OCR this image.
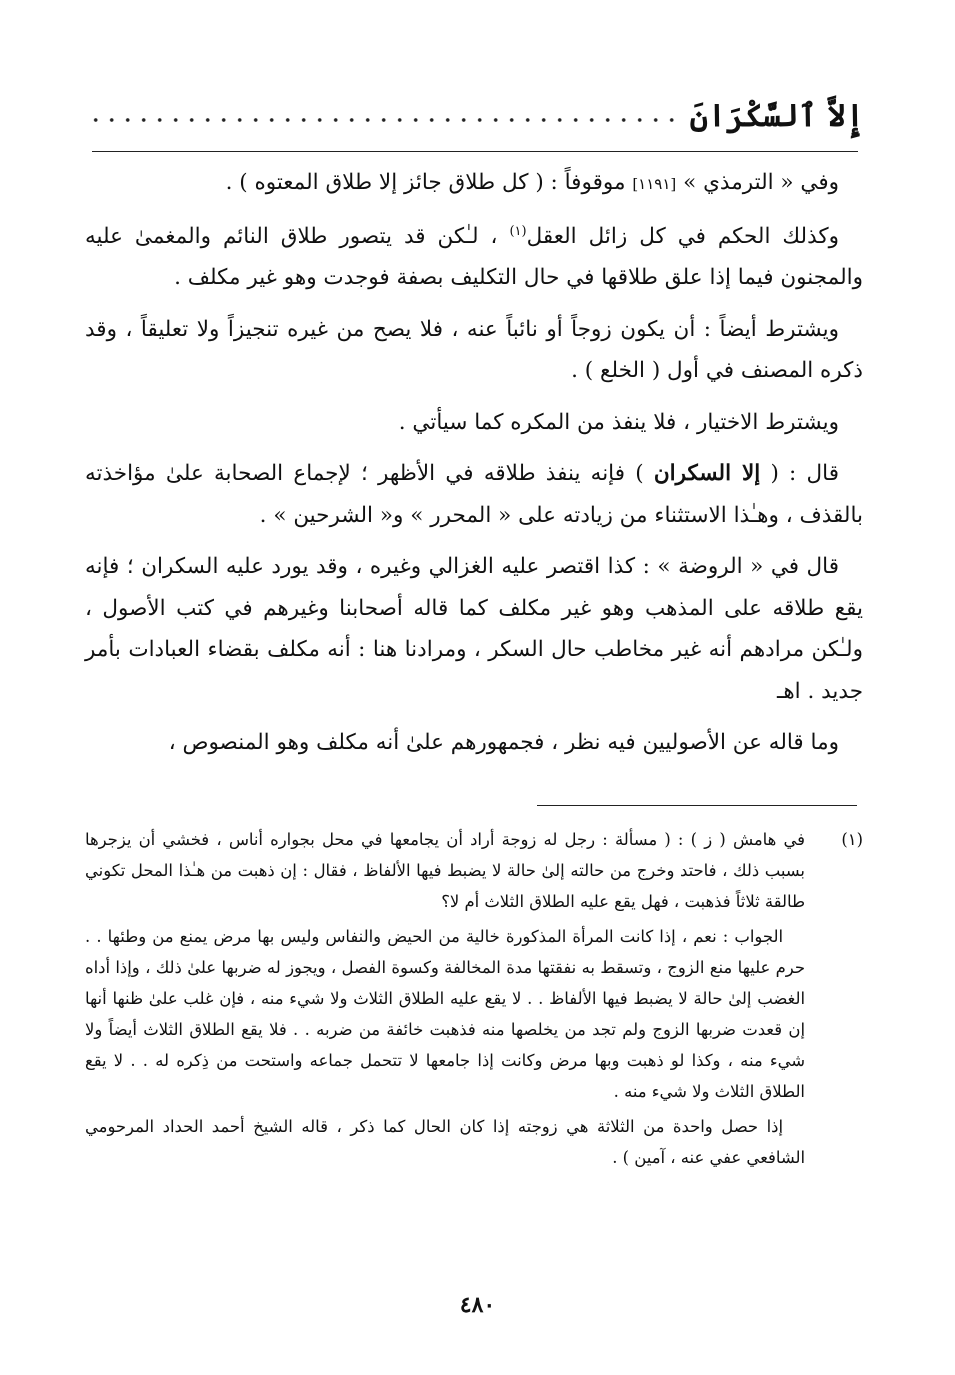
إِلاَّ ٱلسَّكْرَانَ

وفي « الترمذي » [١١٩١] موقوفاً : ( كل طلاق جائز إلا طلاق المعتوه ) .

وكذلك الحكم في كل زائل العقل$^{(١)}$ ، لـٰكن قد يتصور طلاق النائم والمغمىٰ عليه والمجنون فيما إذا علق طلاقها في حال التكليف بصفة فوجدت وهو غير مكلف .

ويشترط أيضاً : أن يكون زوجاً أو نائباً عنه ، فلا يصح من غيره تنجيزاً ولا تعليقاً ، وقد ذكره المصنف في أول ( الخلع ) .

ويشترط الاختيار ، فلا ينفذ من المكره كما سيأتي .

قال : ( إلا السكران ) فإنه ينفذ طلاقه في الأظهر ؛ لإجماع الصحابة علىٰ مؤاخذته بالقذف ، وهـٰذا الاستثناء من زيادته على « المحرر » و« الشرحين » .

قال في « الروضة » : كذا اقتصر عليه الغزالي وغيره ، وقد يورد عليه السكران ؛ فإنه يقع طلاقه على المذهب وهو غير مكلف كما قاله أصحابنا وغيرهم في كتب الأصول ، ولـٰكن مرادهم أنه غير مخاطب حال السكر ، ومرادنا هنا : أنه مكلف بقضاء العبادات بأمر جديد . اهـ

وما قاله عن الأصوليين فيه نظر ، فجمهورهم علىٰ أنه مكلف وهو المنصوص ،

(١)
في هامش ( ز ) : ( مسألة : رجل له زوجة أراد أن يجامعها في محل بجواره أناس ، فخشي أن يزجرها بسبب ذلك ، فاحتد وخرج من حالته إلىٰ حالة لا يضبط فيها الألفاظ ، فقال : إن ذهبت من هـٰذا المحل تكوني طالقة ثلاثاً فذهبت ، فهل يقع عليه الطلاق الثلاث أم لا؟

الجواب : نعم ، إذا كانت المرأة المذكورة خالية من الحيض والنفاس وليس بها مرض يمنع من وطئها . . حرم عليها منع الزوج ، وتسقط به نفقتها مدة المخالفة وكسوة الفصل ، ويجوز له ضربها علىٰ ذلك ، وإذا أداه الغضب إلىٰ حالة لا يضبط فيها الألفاظ . . لا يقع عليه الطلاق الثلاث ولا شيء منه ، فإن غلب علىٰ ظنها أنها إن قعدت ضربها الزوج ولم تجد من يخلصها منه فذهبت خائفة من ضربه . . فلا يقع الطلاق الثلاث أيضاً ولا شيء منه ، وكذا لو ذهبت وبها مرض وكانت إذا جامعها لا تتحمل جماعه واستحت من ذِكره له . . لا يقع الطلاق الثلاث ولا شيء منه .

إذا حصل واحدة من الثلاثة هي زوجته إذا كان الحال كما ذكر ، قاله الشيخ أحمد الحداد المرحومي الشافعي عفي عنه ، آمين ) .

٤٨٠
